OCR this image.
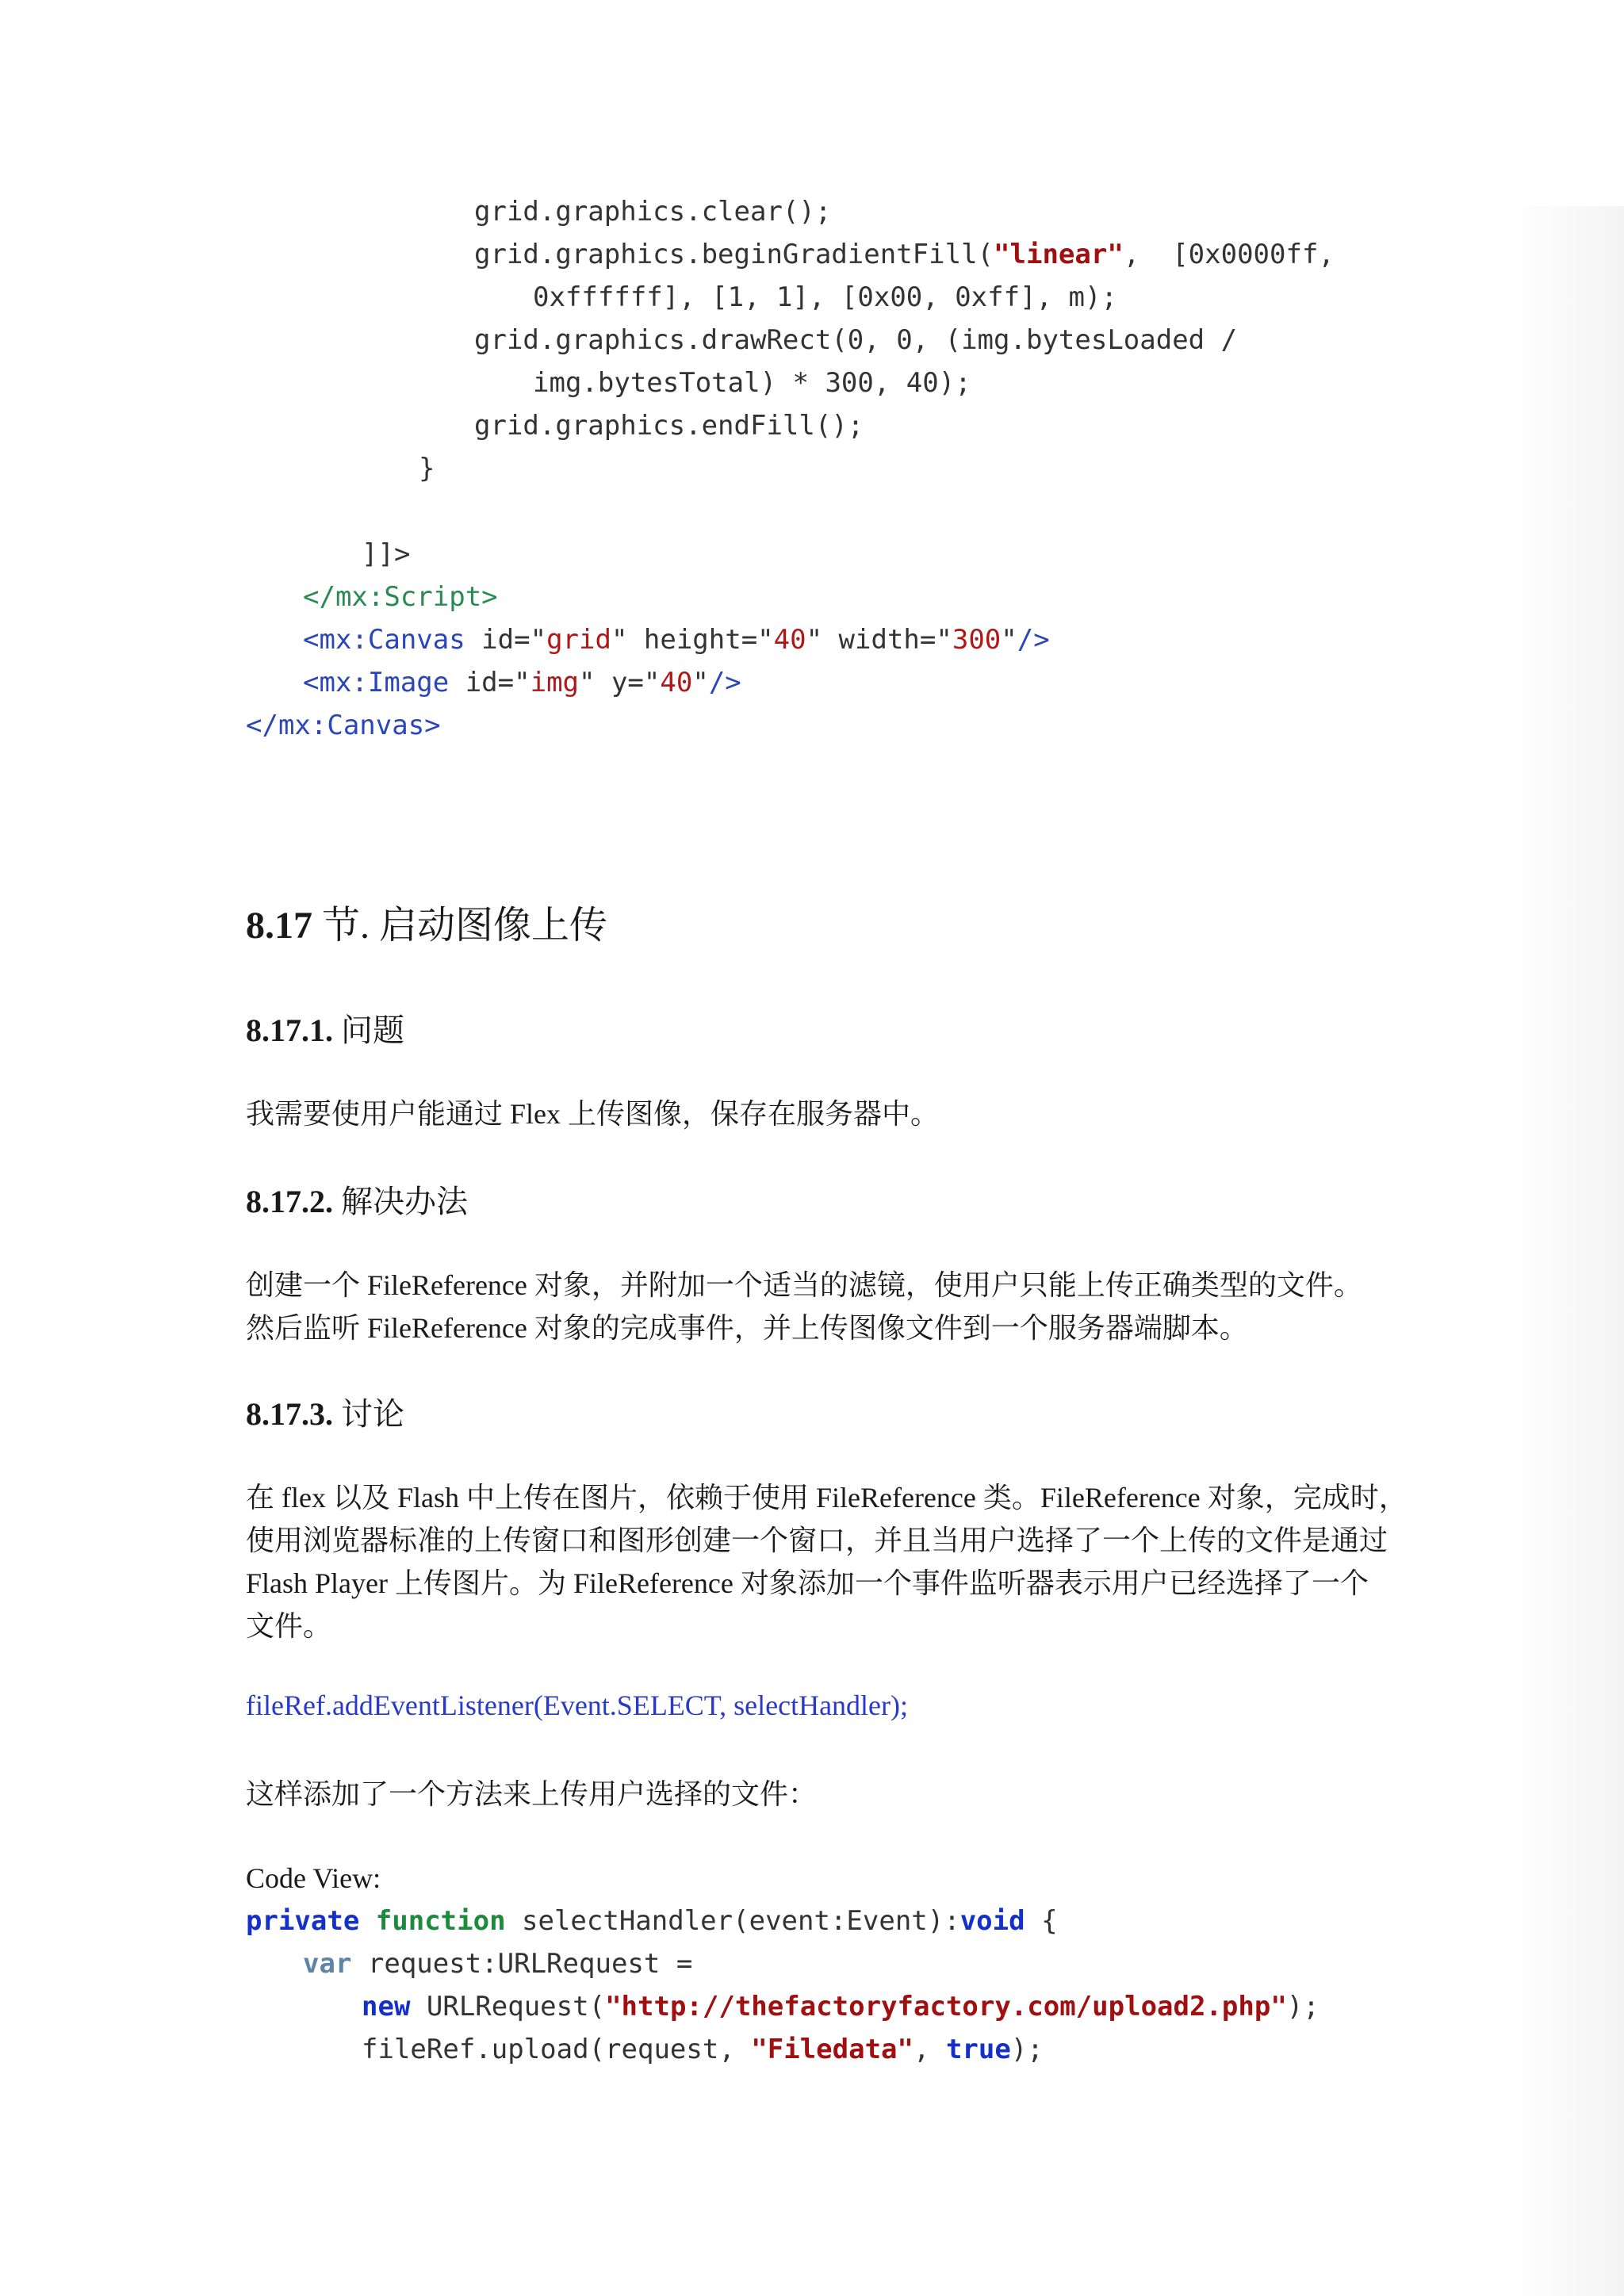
grid.graphics.clear();
grid.graphics.beginGradientFill("linear",  [0x0000ff,
0xffffff], [1, 1], [0x00, 0xff], m);
grid.graphics.drawRect(0, 0, (img.bytesLoaded /
img.bytesTotal) * 300, 40);
grid.graphics.endFill();
}
]]>
</mx:Script>
<mx:Canvas id="grid" height="40" width="300"/>
<mx:Image id="img" y="40"/>
</mx:Canvas>
8.17 节. 启动图像上传
8.17.1. 问题
我需要使用户能通过 Flex 上传图像，保存在服务器中。
8.17.2. 解决办法
创建一个 FileReference 对象，并附加一个适当的滤镜，使用户只能上传正确类型的文件。
然后监听 FileReference 对象的完成事件，并上传图像文件到一个服务器端脚本。
8.17.3. 讨论
在 flex 以及 Flash 中上传在图片，依赖于使用 FileReference 类。FileReference 对象，完成时，
使用浏览器标准的上传窗口和图形创建一个窗口，并且当用户选择了一个上传的文件是通过
Flash Player 上传图片。为 FileReference 对象添加一个事件监听器表示用户已经选择了一个
文件。
fileRef.addEventListener(Event.SELECT, selectHandler);
这样添加了一个方法来上传用户选择的文件：
Code View:
private function selectHandler(event:Event):void {
var request:URLRequest =
new URLRequest("http://thefactoryfactory.com/upload2.php");
fileRef.upload(request, "Filedata", true);
